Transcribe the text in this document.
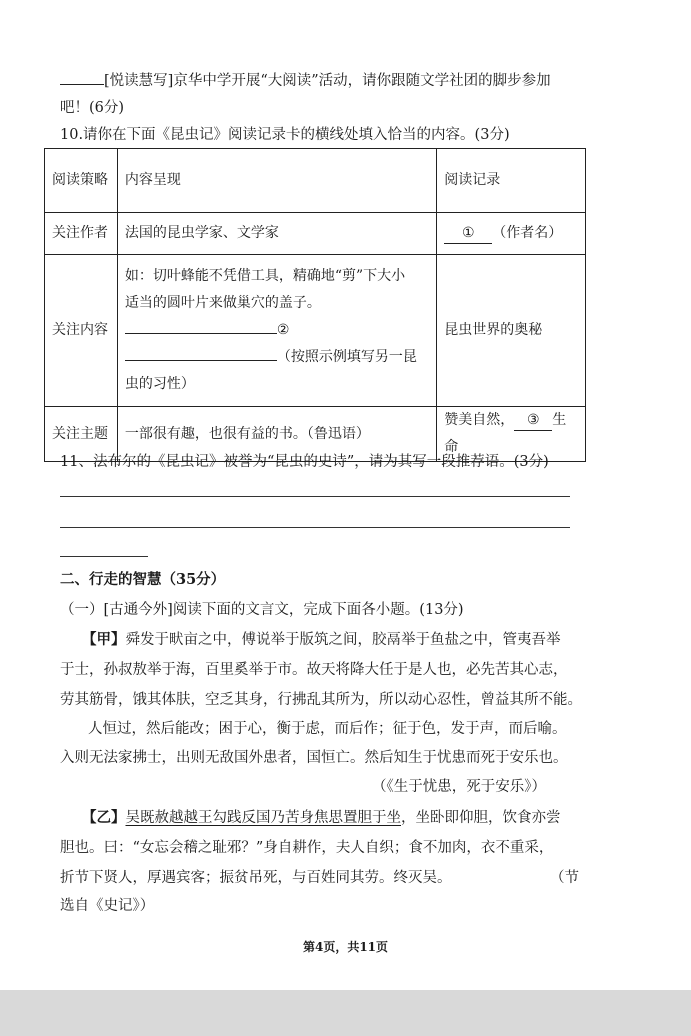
[悦读慧写]京华中学开展“大阅读”活动，请你跟随文学社团的脚步参加
吧！(6分)
10.请你在下面《昆虫记》阅读记录卡的横线处填入恰当的内容。(3分)
阅读策略	内容呈现	阅读记录
关注作者	法国的昆虫学家、文学家	① （作者名）
关注内容	如：切叶蜂能不凭借工具，精确地“剪”下大小
适当的圆叶片来做巢穴的盖子。
②
（按照示例填写另一昆
虫的习性）	昆虫世界的奥秘
关注主题	一部很有趣，也很有益的书。（鲁迅语）	赞美自然， ③ 生命
11、法布尔的《昆虫记》被誉为“昆虫的史诗”，请为其写一段推荐语。(3分)
二、行走的智慧（35分）
（一）[古通今外]阅读下面的文言文，完成下面各小题。(13分)
【甲】舜发于畎亩之中，傅说举于版筑之间，胶鬲举于鱼盐之中，管夷吾举
于士，孙叔敖举于海，百里奚举于市。故天将降大任于是人也，必先苦其心志，
劳其筋骨，饿其体肤，空乏其身，行拂乱其所为，所以动心忍性，曾益其所不能。
人恒过，然后能改；困于心，衡于虑，而后作；征于色，发于声，而后喻。
入则无法家拂士，出则无敌国外患者，国恒亡。然后知生于忧患而死于安乐也。
（《生于忧患，死于安乐》）
【乙】吴既赦越越王勾践反国乃苦身焦思置胆于坐，坐卧即仰胆，饮食亦尝
胆也。曰：“女忘会稽之耻邪？”身自耕作，夫人自织；食不加肉，衣不重采，
折节下贤人，厚遇宾客；振贫吊死，与百姓同其劳。终灭吴。	（节
选自《史记》）
第4页，共11页
